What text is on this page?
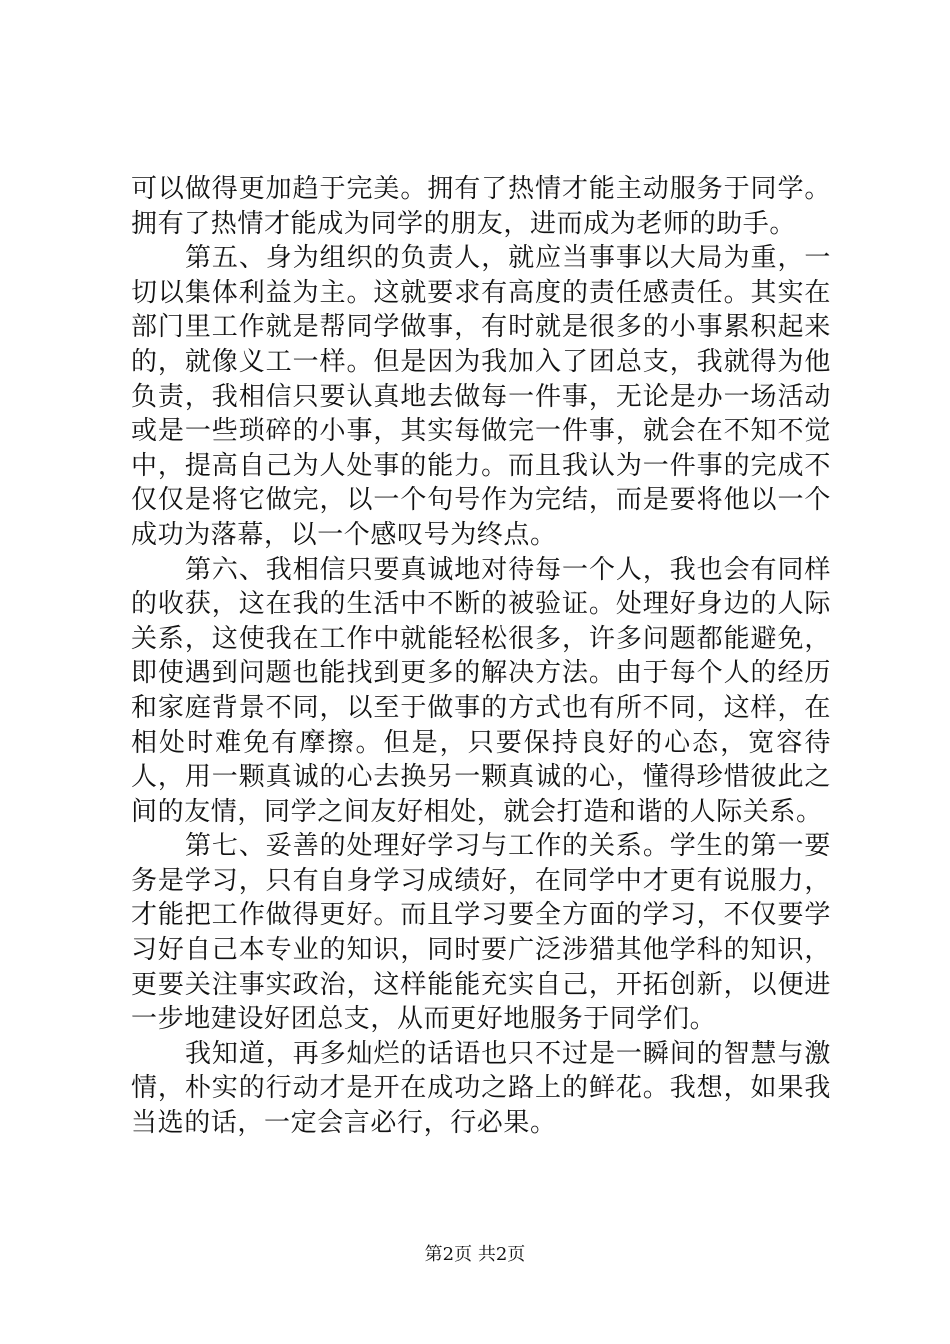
可以做得更加趋于完美。拥有了热情才能主动服务于同学。拥有了热情才能成为同学的朋友，进而成为老师的助手。

第五、身为组织的负责人，就应当事事以大局为重，一切以集体利益为主。这就要求有高度的责任感责任。其实在部门里工作就是帮同学做事，有时就是很多的小事累积起来的，就像义工一样。但是因为我加入了团总支，我就得为他负责，我相信只要认真地去做每一件事，无论是办一场活动或是一些琐碎的小事，其实每做完一件事，就会在不知不觉中，提高自己为人处事的能力。而且我认为一件事的完成不仅仅是将它做完，以一个句号作为完结，而是要将他以一个成功为落幕，以一个感叹号为终点。

第六、我相信只要真诚地对待每一个人，我也会有同样的收获，这在我的生活中不断的被验证。处理好身边的人际关系，这使我在工作中就能轻松很多，许多问题都能避免，即使遇到问题也能找到更多的解决方法。由于每个人的经历和家庭背景不同，以至于做事的方式也有所不同，这样，在相处时难免有摩擦。但是，只要保持良好的心态，宽容待人，用一颗真诚的心去换另一颗真诚的心，懂得珍惜彼此之间的友情，同学之间友好相处，就会打造和谐的人际关系。

第七、妥善的处理好学习与工作的关系。学生的第一要务是学习，只有自身学习成绩好，在同学中才更有说服力，才能把工作做得更好。而且学习要全方面的学习，不仅要学习好自己本专业的知识，同时要广泛涉猎其他学科的知识，更要关注事实政治，这样能能充实自己，开拓创新，以便进一步地建设好团总支，从而更好地服务于同学们。

我知道，再多灿烂的话语也只不过是一瞬间的智慧与激情，朴实的行动才是开在成功之路上的鲜花。我想，如果我当选的话，一定会言必行，行必果。

第2页 共2页
